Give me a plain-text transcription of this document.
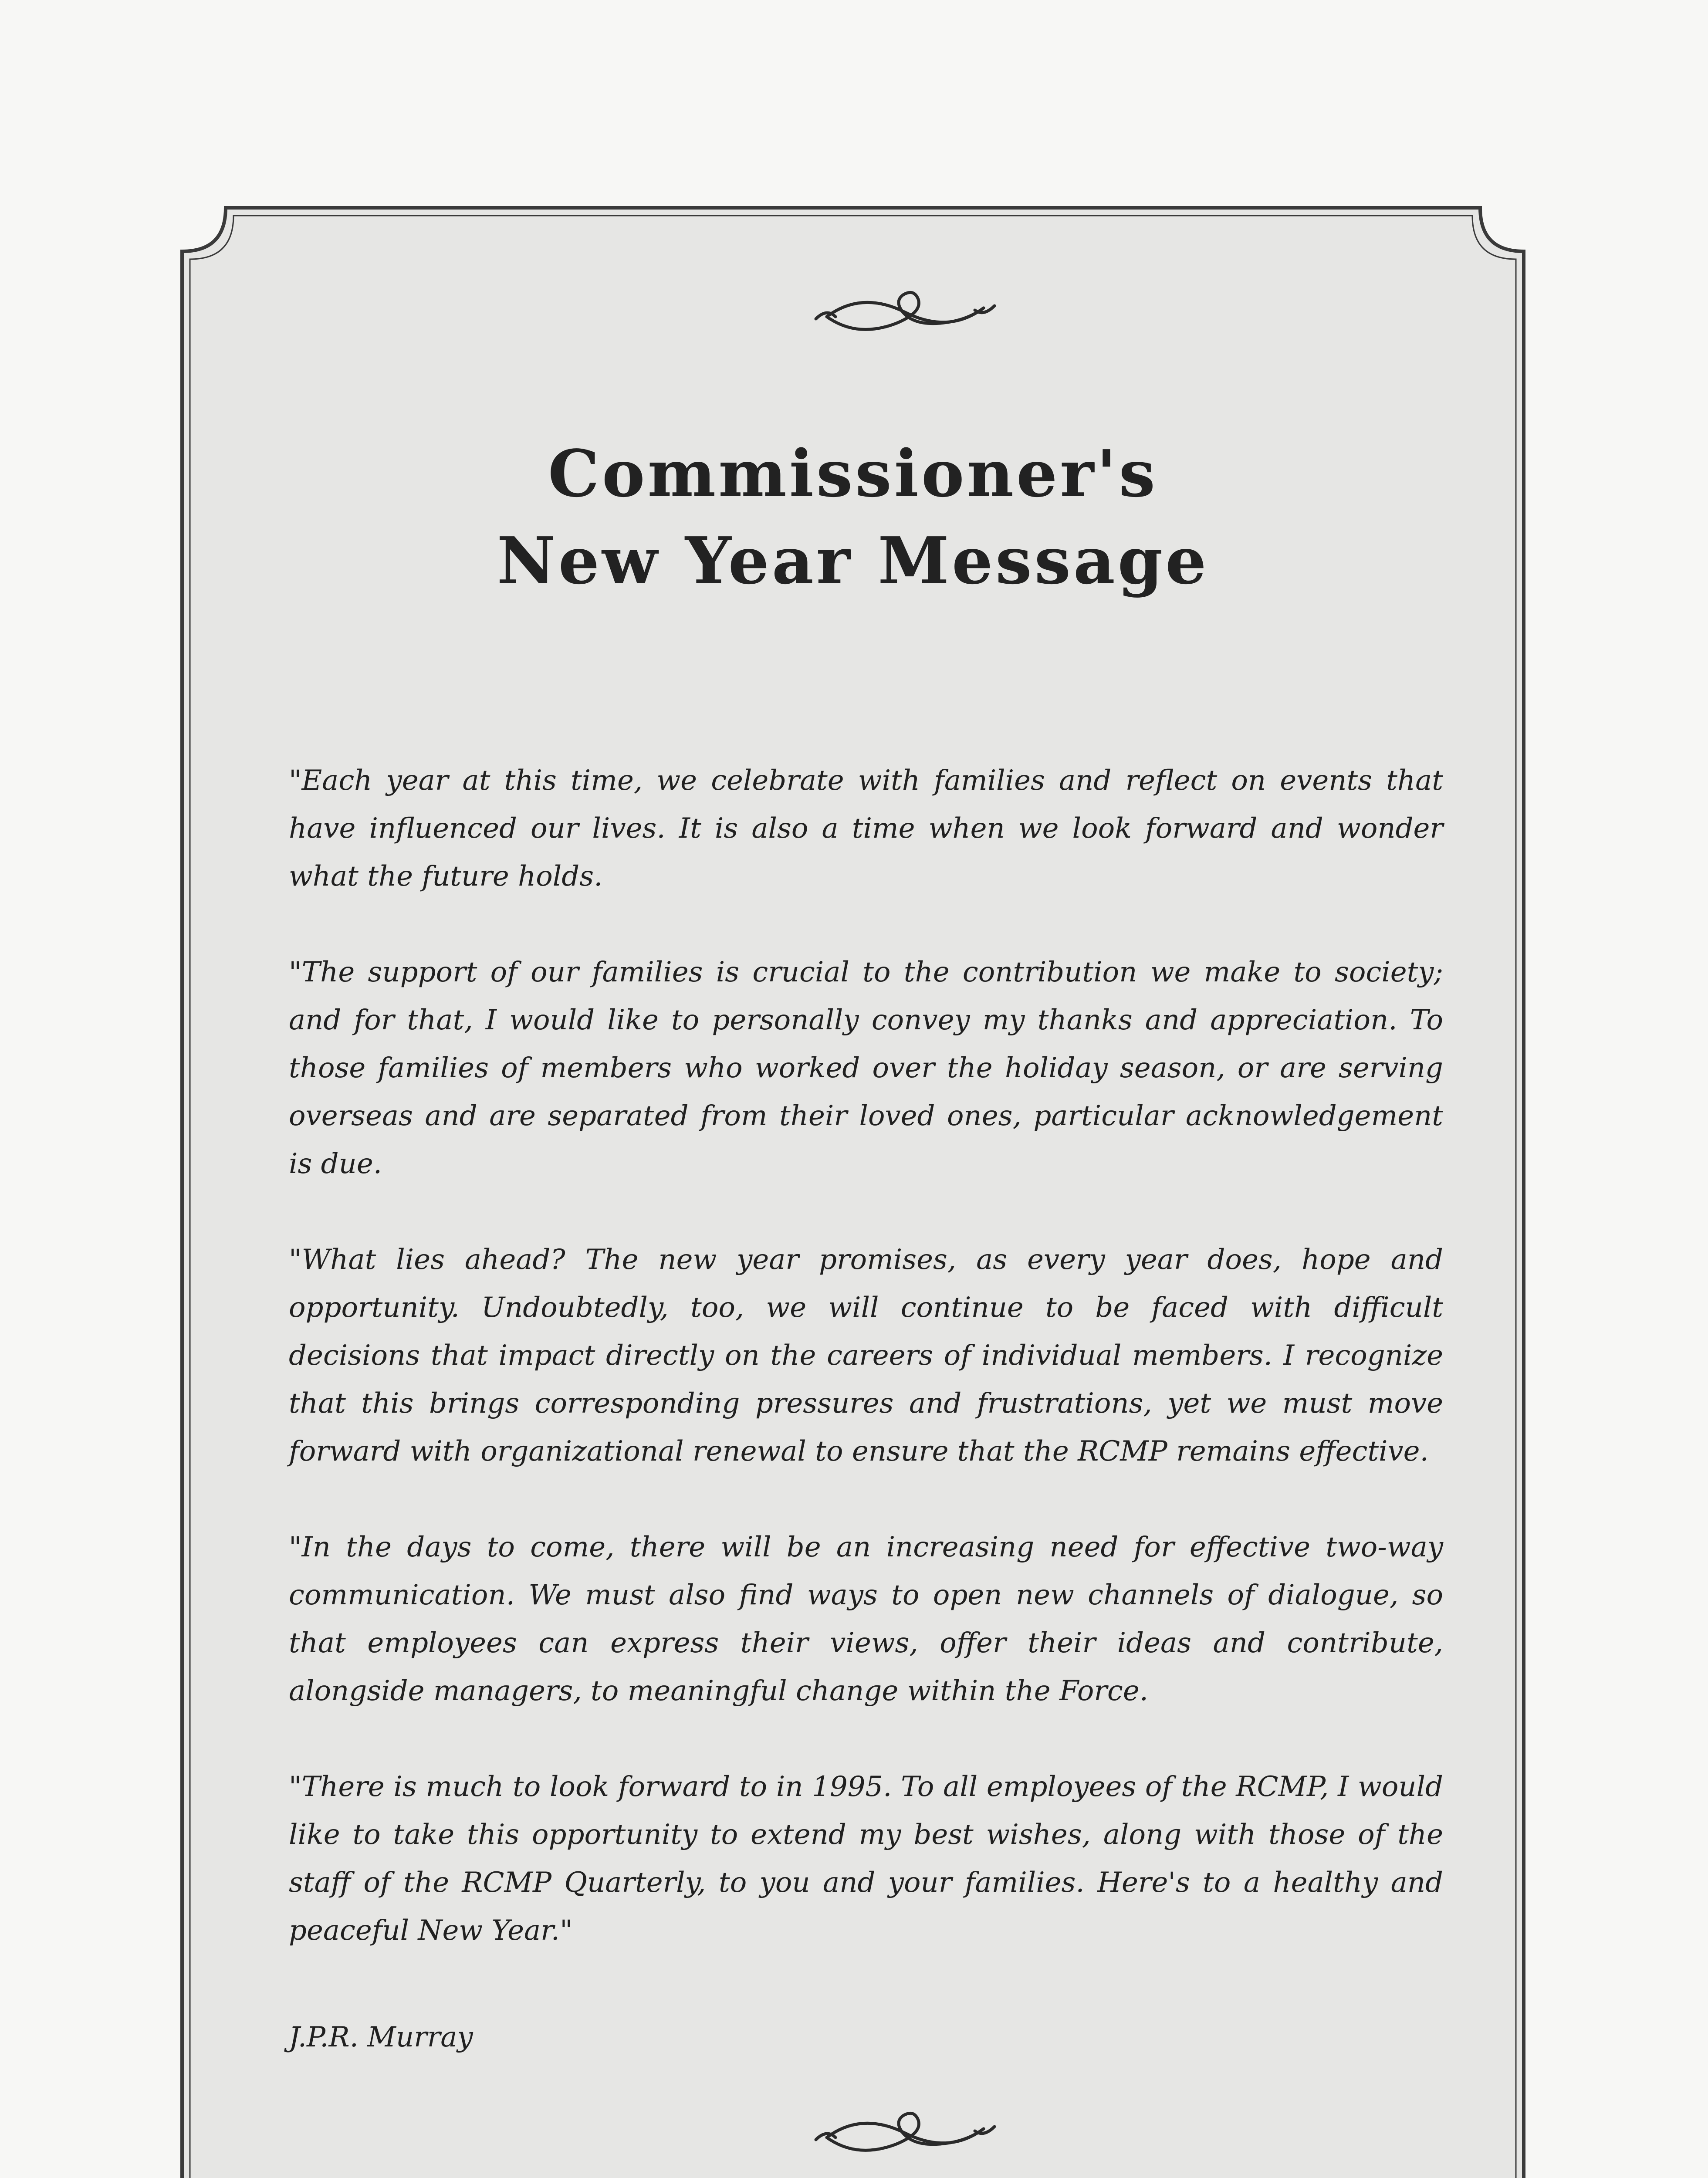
Commissioner's
New Year Message

"Each year at this time, we celebrate with families and reflect on events that have influenced our lives. It is also a time when we look forward and wonder what the future holds.

"The support of our families is crucial to the contribution we make to society; and for that, I would like to personally convey my thanks and appreciation. To those families of members who worked over the holiday season, or are serving overseas and are separated from their loved ones, particular acknowledgement is due.

"What lies ahead? The new year promises, as every year does, hope and opportunity. Undoubtedly, too, we will continue to be faced with difficult decisions that impact directly on the careers of individual members. I recognize that this brings corresponding pressures and frustrations, yet we must move forward with organizational renewal to ensure that the RCMP remains effective.

"In the days to come, there will be an increasing need for effective two-way communication. We must also find ways to open new channels of dialogue, so that employees can express their views, offer their ideas and contribute, alongside managers, to meaningful change within the Force.

"There is much to look forward to in 1995. To all employees of the RCMP, I would like to take this opportunity to extend my best wishes, along with those of the staff of the RCMP Quarterly, to you and your families. Here's to a healthy and peaceful New Year."

J.P.R. Murray
